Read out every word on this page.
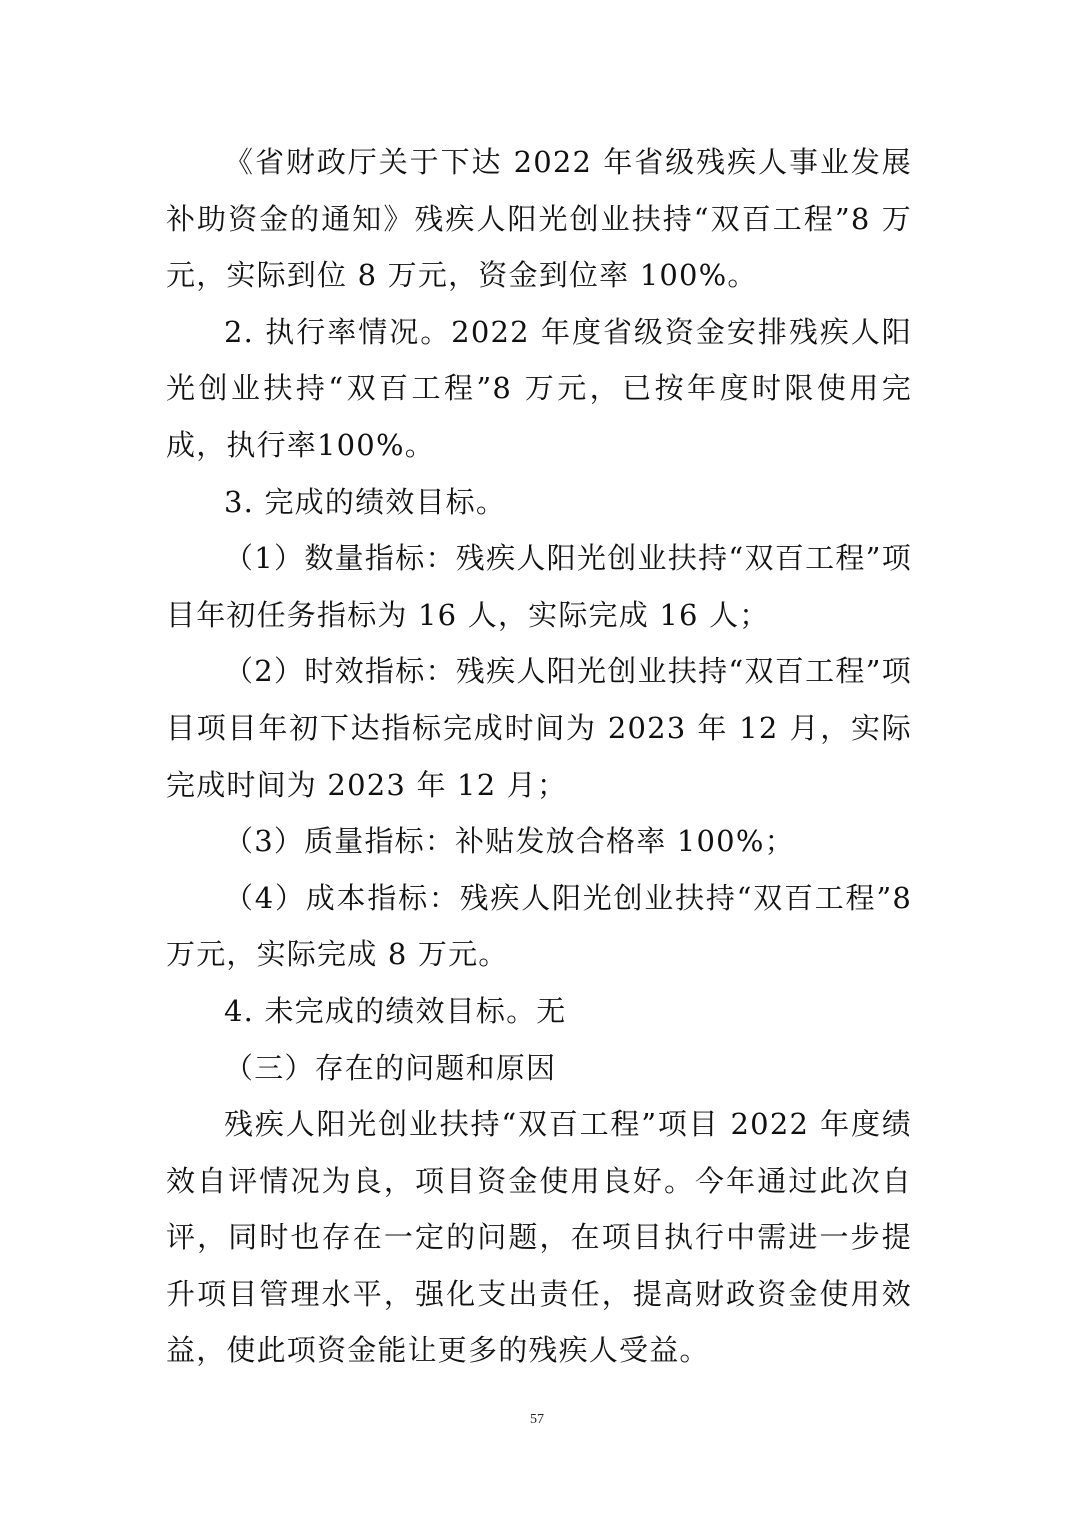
《省财政厅关于下达 2022 年省级残疾人事业发展补助资金的通知》残疾人阳光创业扶持“双百工程”8 万元，实际到位 8 万元，资金到位率 100%。

2. 执行率情况。2022 年度省级资金安排残疾人阳光创业扶持“双百工程”8 万元，已按年度时限使用完成，执行率100%。

3. 完成的绩效目标。

（1）数量指标：残疾人阳光创业扶持“双百工程”项目年初任务指标为 16 人，实际完成 16 人；

（2）时效指标：残疾人阳光创业扶持“双百工程”项目项目年初下达指标完成时间为 2023 年 12 月，实际完成时间为 2023 年 12 月；

（3）质量指标：补贴发放合格率 100%；

（4）成本指标：残疾人阳光创业扶持“双百工程”8 万元，实际完成 8 万元。

4. 未完成的绩效目标。无

（三）存在的问题和原因

残疾人阳光创业扶持“双百工程”项目 2022 年度绩效自评情况为良，项目资金使用良好。今年通过此次自评，同时也存在一定的问题，在项目执行中需进一步提升项目管理水平，强化支出责任，提高财政资金使用效益，使此项资金能让更多的残疾人受益。

57
